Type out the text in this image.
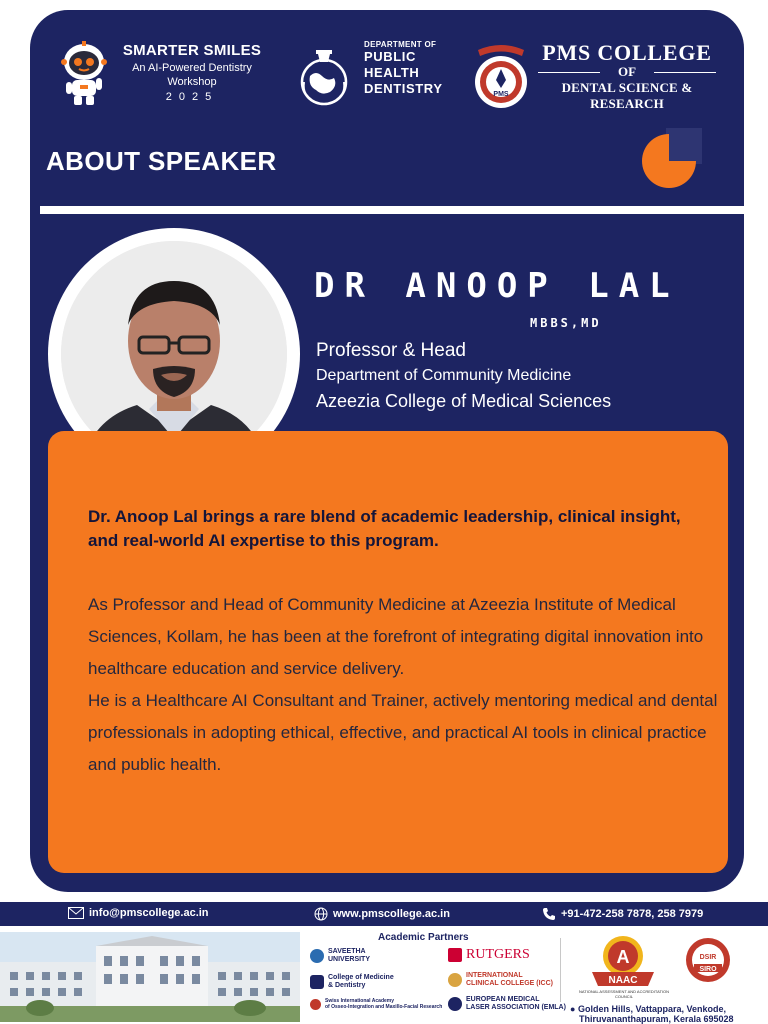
SMARTER SMILES
An AI-Powered Dentistry
Workshop
2025
DEPARTMENT OF
PUBLIC
HEALTH
DENTISTRY	PMS
PMS COLLEGE
OF
DENTAL SCIENCE & RESEARCH
ABOUT SPEAKER
DR ANOOP LAL
MBBS,MD
Professor & Head
Department of Community Medicine
Azeezia College of Medical Sciences
Dr. Anoop Lal brings a rare blend of academic leadership, clinical insight, and real-world AI expertise to this program.
As Professor and Head of Community Medicine at Azeezia Institute of Medical Sciences, Kollam, he has been at the forefront of integrating digital innovation into healthcare education and service delivery.
He is a Healthcare AI Consultant and Trainer, actively mentoring medical and dental professionals in adopting ethical, effective, and practical AI tools in clinical practice and public health.
info@pmscollege.ac.in	www.pmscollege.ac.in	+91-472-258 7878, 258 7979
Academic Partners
SAVEETHA
UNIVERSITY
College of Medicine
& Dentistry
Swiss International Academy
of Osseo-Integration and Maxillo-Facial Research
RUTGERS
INTERNATIONAL
CLINICAL COLLEGE (ICC)
EUROPEAN MEDICAL
LASER ASSOCIATION (EMLA)
A
NAAC
NATIONAL ASSESSMENT AND ACCREDITATION COUNCIL
DSIR
SIRO
● Golden Hills, Vattappara, Venkode,
Thiruvananthapuram, Kerala 695028
